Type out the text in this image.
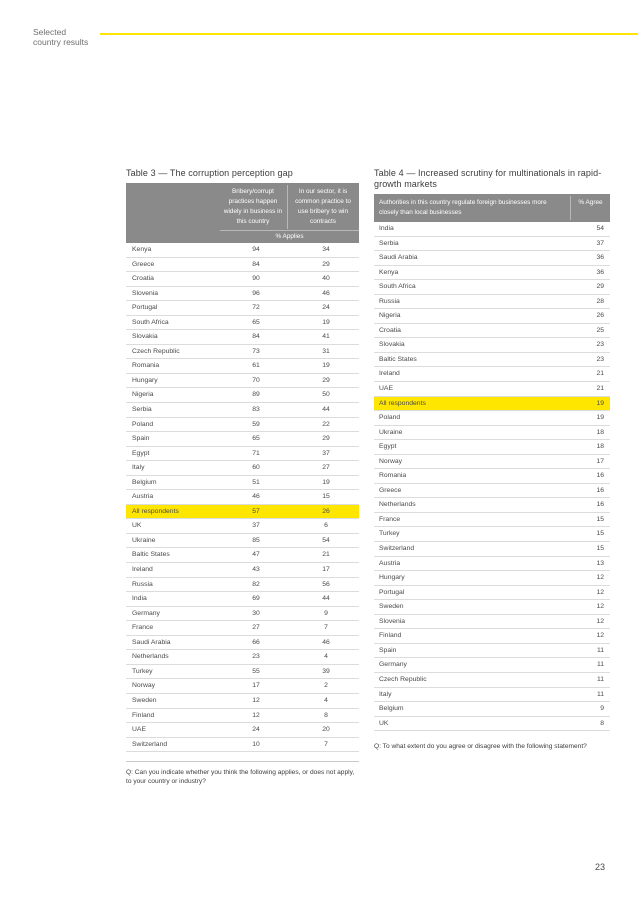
Selected
country results
Table 3 — The corruption perception gap	Table 4 — Increased scrutiny for multinationals in rapid-growth markets
Bribery/corrupt practices happen widely in business in this country
In our sector, it is common practice to use bribery to win contracts
% Applies
Kenya	94	34
Greece	84	29
Croatia	90	40
Slovenia	96	46
Portugal	72	24
South Africa	65	19
Slovakia	84	41
Czech Republic	73	31
Romania	61	19
Hungary	70	29
Nigeria	89	50
Serbia	83	44
Poland	59	22
Spain	65	29
Egypt	71	37
Italy	60	27
Belgium	51	19
Austria	46	15
All respondents	57	26
UK	37	6
Ukraine	85	54
Baltic States	47	21
Ireland	43	17
Russia	82	56
India	69	44
Germany	30	9
France	27	7
Saudi Arabia	66	46
Netherlands	23	4
Turkey	55	39
Norway	17	2
Sweden	12	4
Finland	12	8
UAE	24	20
Switzerland	10	7
Q: Can you indicate whether you think the following applies, or does not apply, to your country or industry?
Authorities in this country regulate foreign businesses more closely than local businesses
% Agree
India	54
Serbia	37
Saudi Arabia	36
Kenya	36
South Africa	29
Russia	28
Nigeria	26
Croatia	25
Slovakia	23
Baltic States	23
Ireland	21
UAE	21
All respondents	19
Poland	19
Ukraine	18
Egypt	18
Norway	17
Romania	16
Greece	16
Netherlands	16
France	15
Turkey	15
Switzerland	15
Austria	13
Hungary	12
Portugal	12
Sweden	12
Slovenia	12
Finland	12
Spain	11
Germany	11
Czech Republic	11
Italy	11
Belgium	9
UK	8
Q: To what extent do you agree or disagree with the following statement?
23
